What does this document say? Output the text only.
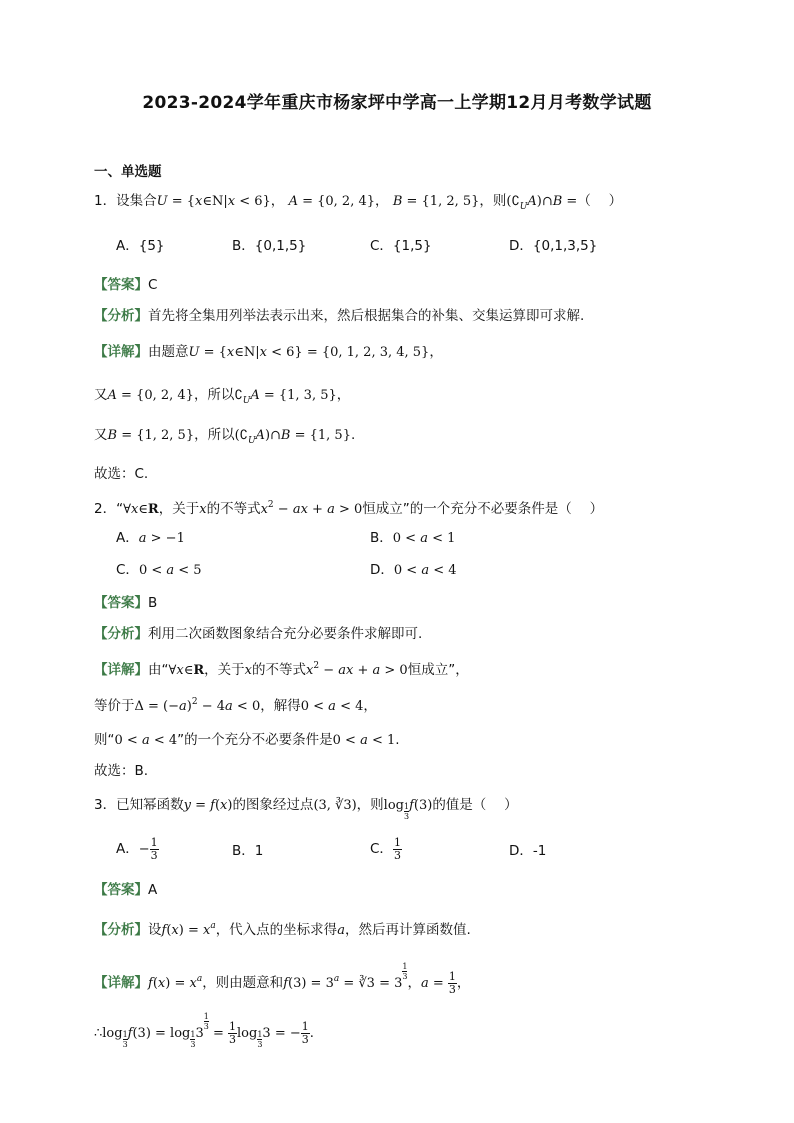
2023-2024学年重庆市杨家坪中学高一上学期12月月考数学试题
一、单选题
1．设集合U = {x∈N|x < 6}， A = {0, 2, 4}， B = {1, 2, 5}，则$(∁_UA)\cap B$ =（　 ）
A．{5}	B．{0,1,5}	C．{1,5}	D．{0,1,3,5}
【答案】C
【分析】首先将全集用列举法表示出来，然后根据集合的补集、交集运算即可求解.
【详解】由题意U = {x∈N|x < 6} = {0, 1, 2, 3, 4, 5}，
又A = {0, 2, 4}，所以$∁_UA = \{1$, 3, 5}，
又B = {1, 2, 5}，所以$(∁_UA)\cap B = \{1$, 5}.
故选：C.
2．“∀x∈R，关于x的不等式$x^2$ − ax + a > 0恒成立”的一个充分不必要条件是（　 ）
A．a > −1	B．0 < a < 1
C．0 < a < 5	D．0 < a < 4
【答案】B
【分析】利用二次函数图象结合充分必要条件求解即可.
【详解】由“∀x∈R，关于x的不等式$x^2$ − ax + a > 0恒成立”，
等价于$\Delta = (-a)^2 - 4a < 0$，解得0 < a < 4，
则“0 < a < 4”的一个充分不必要条件是0 < a < 1.
故选：B.
3．已知幂函数y = f(x)的图象经过点(3, ∛3)，则$\log \frac{1}{3} f(3)$的值是（　 ）
A．− $\frac{1}{3}$	B．1	C． $\frac{1}{3}$	D．-1
【答案】A
【分析】设$f(x) = x^a$，代入点的坐标求得a，然后再计算函数值.
【详解】$f(x) = x^a$，则由题意和$f(3) = 3^a$ = ∛3 = 3
$\frac{1}{3}$
，$a = \frac{1}{3}$ ，
∴log $\frac{1}{3} f(3) = \log \frac{1}{3} 3$
$\frac{1}{3}$
= $\frac{1}{3}$ $\log \frac{1}{3} 3$ = − $\frac{1}{3}$ .
